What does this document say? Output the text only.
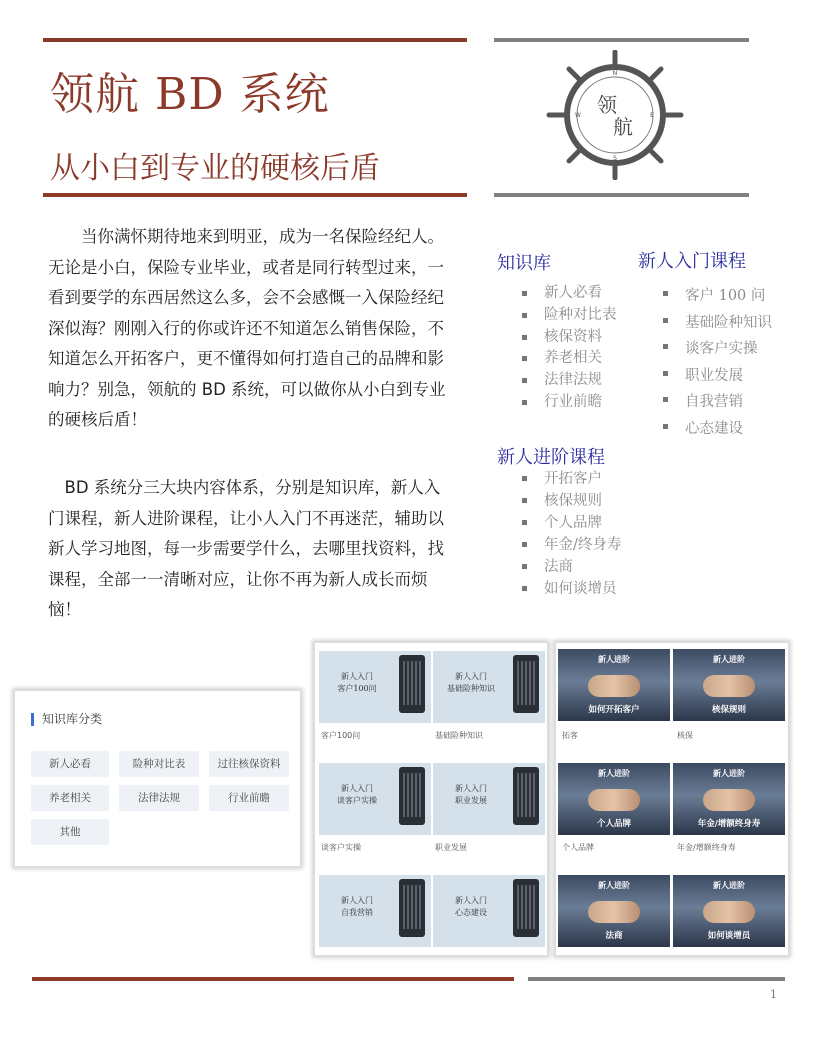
领航 BD 系统
从小白到专业的硬核后盾
N
S
E
W 领
航

当你满怀期待地来到明亚，成为一名保险经纪人。无论是小白，保险专业毕业，或者是同行转型过来，一看到要学的东西居然这么多，会不会感慨一入保险经纪深似海？刚刚入行的你或许还不知道怎么销售保险，不知道怎么开拓客户，更不懂得如何打造自己的品牌和影响力？别急，领航的 BD 系统，可以做你从小白到专业的硬核后盾！

BD 系统分三大块内容体系，分别是知识库，新人入门课程，新人进阶课程，让小人入门不再迷茫，辅助以新人学习地图，每一步需要学什么，去哪里找资料，找课程，全部一一清晰对应，让你不再为新人成长而烦恼！

知识库
新人必看
险种对比表
核保资料
养老相关
法律法规
行业前瞻
新人入门课程
客户 100 问
基础险种知识
谈客户实操
职业发展
自我营销
心态建设
新人进阶课程
开拓客户
核保规则
个人品牌
年金/终身寿
法商
如何谈增员
知识库分类
新人必看	险种对比表	过往核保资料
养老相关	法律法规	行业前瞻
其他
新人入门
客户100问
客户100问
新人入门
基础险种知识
基础险种知识
新人入门
谈客户实操
谈客户实操
新人入门
职业发展
职业发展
新人入门
自我营销
新人入门
心态建设
新人进阶
如何开拓客户
拓客
新人进阶
核保规则
核保
新人进阶
个人品牌
个人品牌
新人进阶
年金/增额终身寿
年金/增额终身寿
新人进阶
法商
新人进阶
如何谈增员
1
